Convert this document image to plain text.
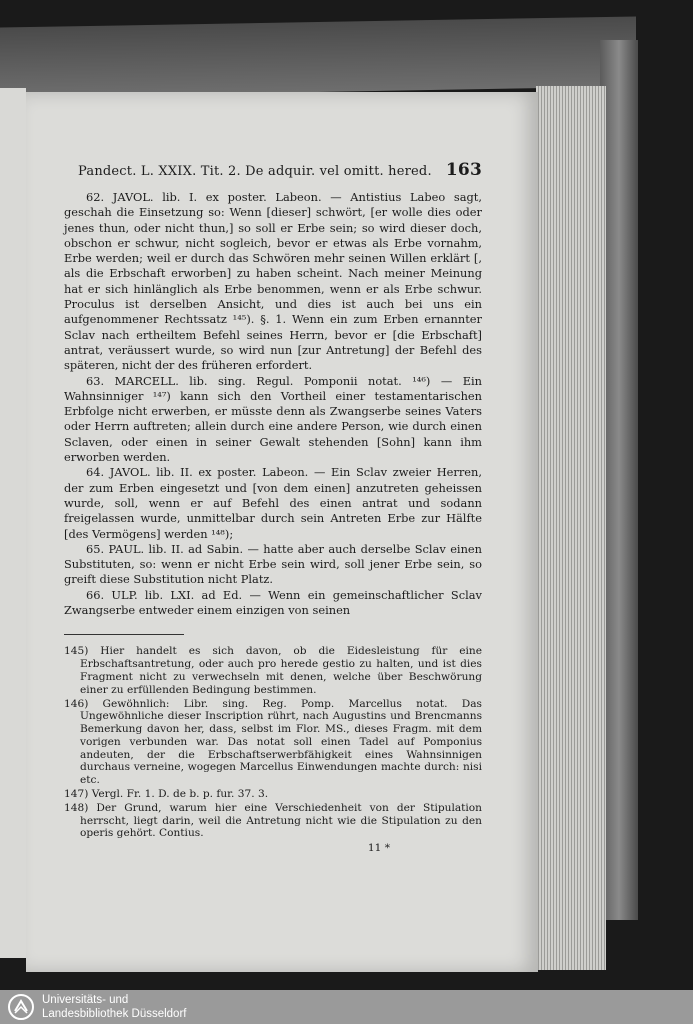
Pandect. L. XXIX. Tit. 2. De adquir. vel omitt. hered. 163

62. JAVOL. lib. I. ex poster. Labeon. — Antistius Labeo sagt, geschah die Einsetzung so: Wenn [dieser] schwört, [er wolle dies oder jenes thun, oder nicht thun,] so soll er Erbe sein; so wird dieser doch, obschon er schwur, nicht sogleich, bevor er etwas als Erbe vornahm, Erbe werden; weil er durch das Schwören mehr seinen Willen erklärt [, als die Erbschaft erworben] zu haben scheint. Nach meiner Meinung hat er sich hinlänglich als Erbe benommen, wenn er als Erbe schwur. Proculus ist derselben Ansicht, und dies ist auch bei uns ein aufgenommener Rechtssatz ¹⁴⁵). §. 1. Wenn ein zum Erben ernannter Sclav nach ertheiltem Befehl seines Herrn, bevor er [die Erbschaft] antrat, veräussert wurde, so wird nun [zur Antretung] der Befehl des späteren, nicht der des früheren erfordert.

63. MARCELL. lib. sing. Regul. Pomponii notat. ¹⁴⁶) — Ein Wahnsinniger ¹⁴⁷) kann sich den Vortheil einer testamentarischen Erbfolge nicht erwerben, er müsste denn als Zwangserbe seines Vaters oder Herrn auftreten; allein durch eine andere Person, wie durch einen Sclaven, oder einen in seiner Gewalt stehenden [Sohn] kann ihm erworben werden.

64. JAVOL. lib. II. ex poster. Labeon. — Ein Sclav zweier Herren, der zum Erben eingesetzt und [von dem einen] anzutreten geheissen wurde, soll, wenn er auf Befehl des einen antrat und sodann freigelassen wurde, unmittelbar durch sein Antreten Erbe zur Hälfte [des Vermögens] werden ¹⁴⁸);

65. PAUL. lib. II. ad Sabin. — hatte aber auch derselbe Sclav einen Substituten, so: wenn er nicht Erbe sein wird, soll jener Erbe sein, so greift diese Substitution nicht Platz.

66. ULP. lib. LXI. ad Ed. — Wenn ein gemeinschaftlicher Sclav Zwangserbe entweder einem einzigen von seinen

145) Hier handelt es sich davon, ob die Eidesleistung für eine Erbschaftsantretung, oder auch pro herede gestio zu halten, und ist dies Fragment nicht zu verwechseln mit denen, welche über Beschwörung einer zu erfüllenden Bedingung bestimmen.

146) Gewöhnlich: Libr. sing. Reg. Pomp. Marcellus notat. Das Ungewöhnliche dieser Inscription rührt, nach Augustins und Brencmanns Bemerkung davon her, dass, selbst im Flor. MS., dieses Fragm. mit dem vorigen verbunden war. Das notat soll einen Tadel auf Pomponius andeuten, der die Erbschaftserwerbfähigkeit eines Wahnsinnigen durchaus verneine, wogegen Marcellus Einwendungen machte durch: nisi etc.

147) Vergl. Fr. 1. D. de b. p. fur. 37. 3.

148) Der Grund, warum hier eine Verschiedenheit von der Stipulation herrscht, liegt darin, weil die Antretung nicht wie die Stipulation zu den operis gehört. Contius.

11 *
Universitäts- und
Landesbibliothek Düsseldorf
